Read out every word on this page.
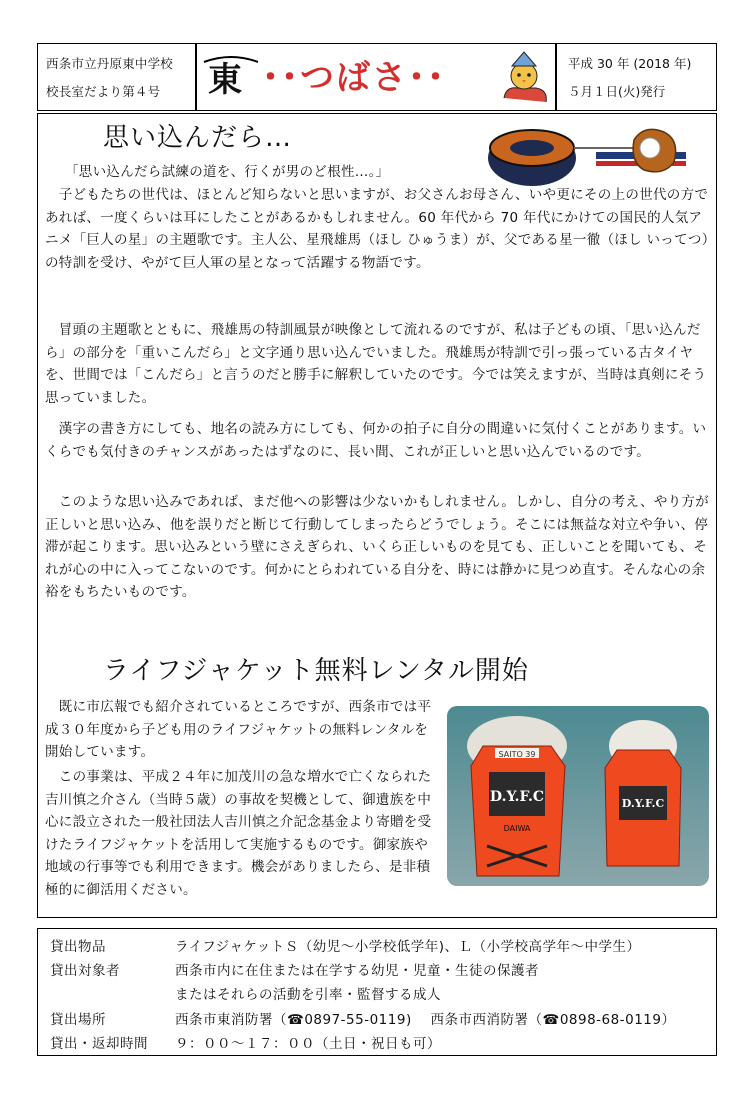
西条市立丹原東中学校
校長室だより第４号 東 ･･つばさ･･	平成 30 年 (2018 年)
５月１日(火)発行
思い込んだら…
「思い込んだら試練の道を、行くが男のど根性…。」
　子どもたちの世代は、ほとんど知らないと思いますが、お父さんお母さん、いや更にその上の世代の方であれば、一度くらいは耳にしたことがあるかもしれません。60 年代から 70 年代にかけての国民的人気アニメ「巨人の星」の主題歌です。主人公、星飛雄馬（ほし ひゅうま）が、父である星一徹（ほし いってつ）の特訓を受け、やがて巨人軍の星となって活躍する物語です。
　冒頭の主題歌とともに、飛雄馬の特訓風景が映像として流れるのですが、私は子どもの頃、「思い込んだら」の部分を「重いこんだら」と文字通り思い込んでいました。飛雄馬が特訓で引っ張っている古タイヤを、世間では「こんだら」と言うのだと勝手に解釈していたのです。今では笑えますが、当時は真剣にそう思っていました。
　漢字の書き方にしても、地名の読み方にしても、何かの拍子に自分の間違いに気付くことがあります。いくらでも気付きのチャンスがあったはずなのに、長い間、これが正しいと思い込んでいるのです。
　このような思い込みであれば、まだ他への影響は少ないかもしれません。しかし、自分の考え、やり方が正しいと思い込み、他を誤りだと断じて行動してしまったらどうでしょう。そこには無益な対立や争い、停滞が起こります。思い込みという壁にさえぎられ、いくら正しいものを見ても、正しいことを聞いても、それが心の中に入ってこないのです。何かにとらわれている自分を、時には静かに見つめ直す。そんな心の余裕をもちたいものです。
ライフジャケット無料レンタル開始
　既に市広報でも紹介されているところですが、西条市では平成３０年度から子ども用のライフジャケットの無料レンタルを開始しています。
　この事業は、平成２４年に加茂川の急な増水で亡くなられた吉川慎之介さん（当時５歳）の事故を契機として、御遺族を中心に設立された一般社団法人吉川慎之介記念基金より寄贈を受けたライフジャケットを活用して実施するものです。御家族や地域の行事等でも利用できます。機会がありましたら、是非積極的に御活用ください。
SAITO 39
D.Y.F.C
DAIWA
D.Y.F.C
貸出物品	ライフジャケットＳ（幼児～小学校低学年)、Ｌ（小学校高学年～中学生）
貸出対象者	西条市内に在住または在学する幼児・児童・生徒の保護者
またはそれらの活動を引率・監督する成人
貸出場所	西条市東消防署（☎0897-55-0119)　 西条市西消防署（☎0898-68-0119）
貸出・返却時間 ９：００～１７：００（土日・祝日も可）
